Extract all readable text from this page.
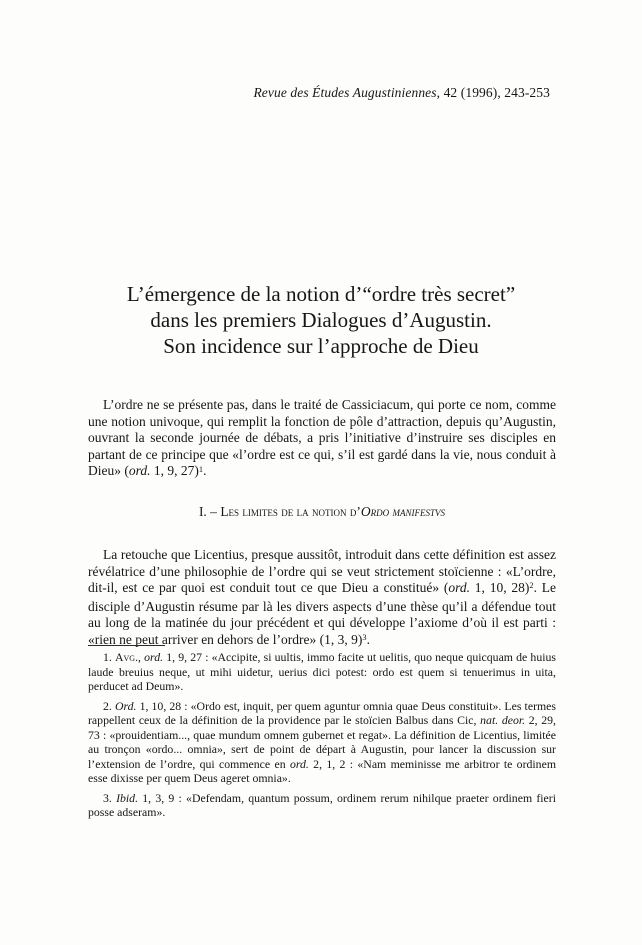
Revue des Études Augustiniennes, 42 (1996), 243-253
L’émergence de la notion d’“ordre très secret”
dans les premiers Dialogues d’Augustin.
Son incidence sur l’approche de Dieu

L’ordre ne se présente pas, dans le traité de Cassiciacum, qui porte ce nom, comme une notion univoque, qui remplit la fonction de pôle d’attraction, depuis qu’Augustin, ouvrant la seconde journée de débats, a pris l’initiative d’instruire ses disciples en partant de ce principe que «l’ordre est ce qui, s’il est gardé dans la vie, nous conduit à Dieu» (ord. 1, 9, 27)$^1$.

I. – Les limites de la notion d’Ordo manifestvs

La retouche que Licentius, presque aussitôt, introduit dans cette définition est assez révélatrice d’une philosophie de l’ordre qui se veut strictement stoïcienne : «L’ordre, dit-il, est ce par quoi est conduit tout ce que Dieu a constitué» (ord. 1, 10, 28)$^2$. Le disciple d’Augustin résume par là les divers aspects d’une thèse qu’il a défendue tout au long de la matinée du jour précédent et qui développe l’axiome d’où il est parti : «rien ne peut arriver en dehors de l’ordre» (1, 3, 9)$^3$.

1. Avg., ord. 1, 9, 27 : «Accipite, si uultis, immo facite ut uelitis, quo neque quicquam de huius laude breuius neque, ut mihi uidetur, uerius dici potest: ordo est quem si tenuerimus in uita, perducet ad Deum».

2. Ord. 1, 10, 28 : «Ordo est, inquit, per quem aguntur omnia quae Deus constituit». Les termes rappellent ceux de la définition de la providence par le stoïcien Balbus dans Cic, nat. deor. 2, 29, 73 : «prouidentiam..., quae mundum omnem gubernet et regat». La définition de Licentius, limitée au tronçon «ordo... omnia», sert de point de départ à Augustin, pour lancer la discussion sur l’extension de l’ordre, qui commence en ord. 2, 1, 2 : «Nam meminisse me arbitror te ordinem esse dixisse per quem Deus ageret omnia».

3. Ibid. 1, 3, 9 : «Defendam, quantum possum, ordinem rerum nihilque praeter ordinem fieri posse adseram».
